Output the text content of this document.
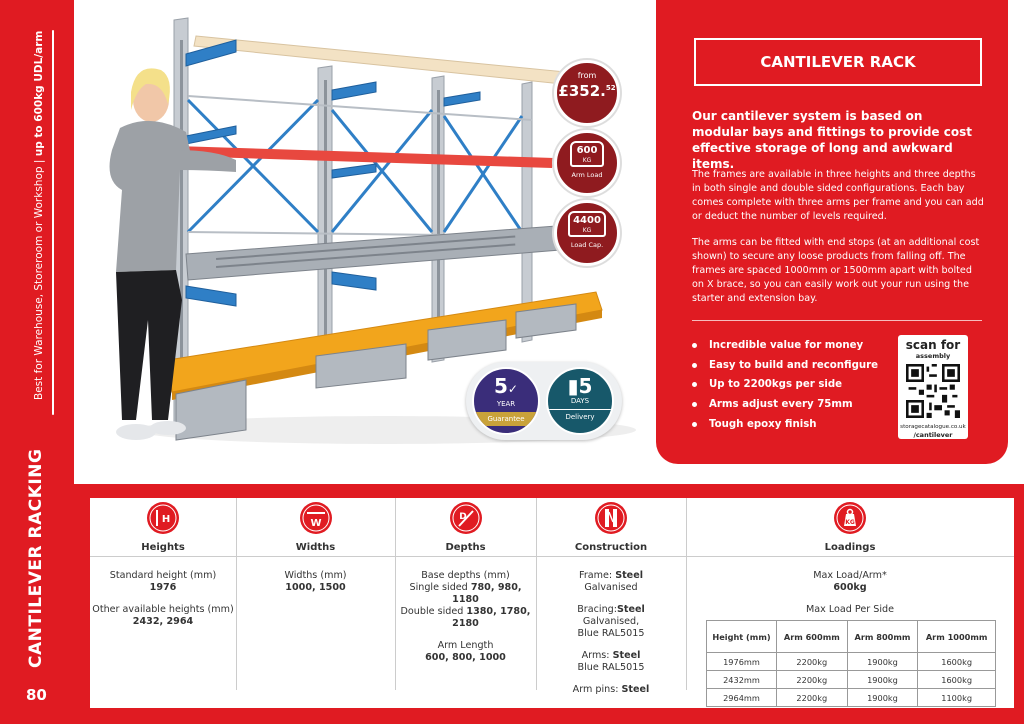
Best for Warehouse, Storeroom or Workshop | up to 600kg UDL/arm
CANTILEVER RACKING
80
from
£352.52
600
KG
Arm Load
4400
KG
Load Cap.
5✓
YEAR
Guarantee
▮5
DAYS
Delivery
CANTILEVER RACK
Our cantilever system is based on modular bays and fittings to provide cost effective storage of long and awkward items.
The frames are available in three heights and three depths in both single and double sided configurations. Each bay comes complete with three arms per frame and you can add or deduct the number of levels required.
The arms can be fitted with end stops (at an additional cost shown) to secure any loose products from falling off. The frames are spaced 1000mm or 1500mm apart with bolted on X brace, so you can easily work out your run using the starter and extension bay.
Incredible value for money
Easy to build and reconfigure
Up to 2200kgs per side
Arms adjust every 75mm
Tough epoxy finish
scan for
assembly
storagecatalogue.co.uk
/cantilever
H
Heights
Standard height (mm)
1976
Other available heights (mm)
2432, 2964
W
Widths
Widths (mm)
1000, 1500
D
Depths
Base depths (mm)
Single sided 780, 980, 1180
Double sided 1380, 1780, 2180
Arm Length
600, 800, 1000
Construction
Frame: Steel
Galvanised
Bracing:Steel
Galvanised,
Blue RAL5015
Arms: Steel
Blue RAL5015
Arm pins: Steel
KG
Loadings
Max Load/Arm*
600kg
Max Load Per Side
Height (mm)	Arm 600mm	Arm 800mm	Arm 1000mm
1976mm	2200kg	1900kg	1600kg
2432mm	2200kg	1900kg	1600kg
2964mm	2200kg	1900kg	1100kg
